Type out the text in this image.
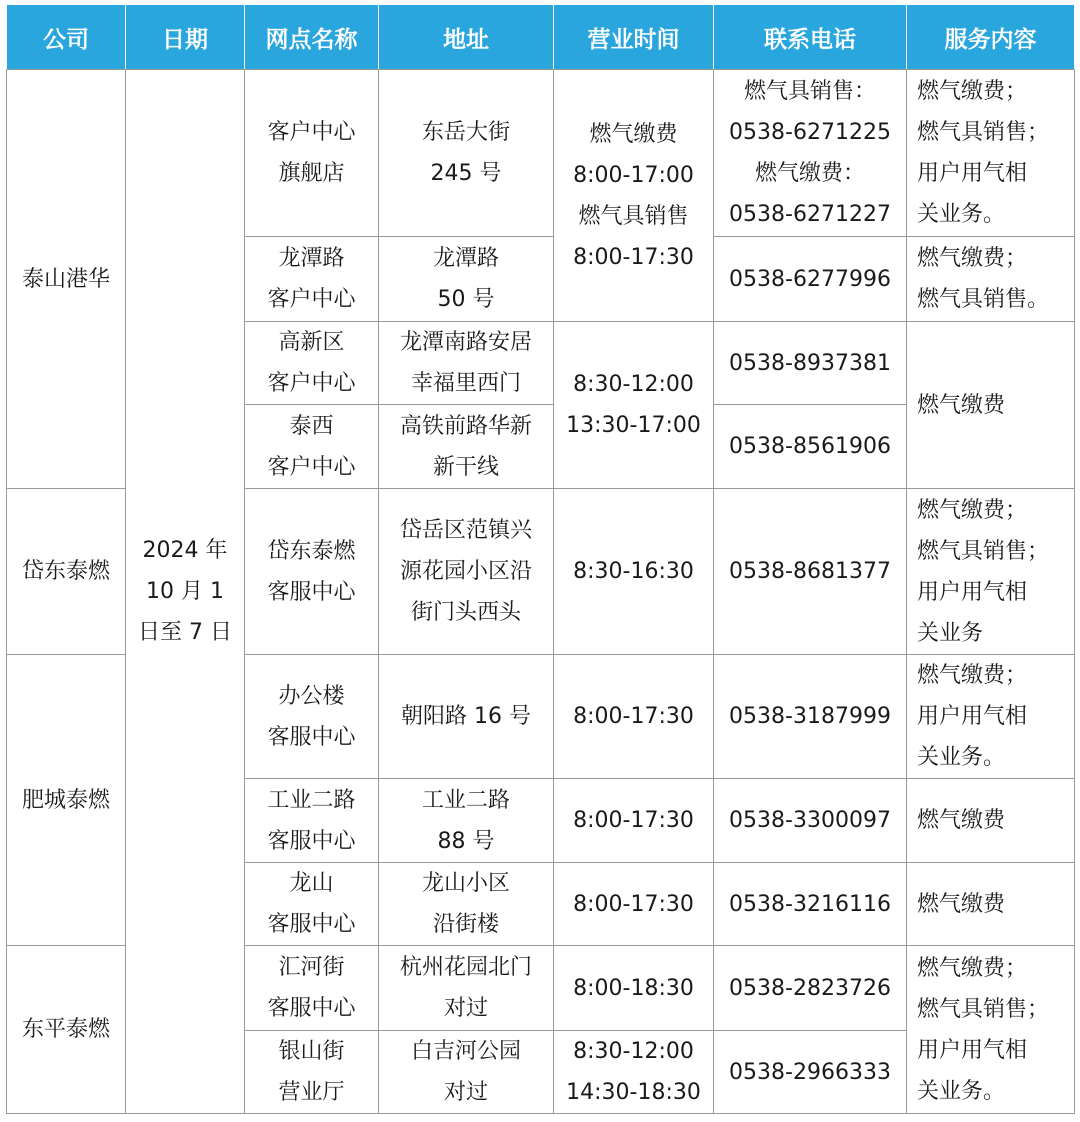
公司	日期	网点名称	地址	营业时间	联系电话	服务内容
泰山港华	2024 年
10 月 1
日至 7 日	客户中心
旗舰店	东岳大街
245 号	燃气缴费
8:00-17:00
燃气具销售
8:00-17:30	燃气具销售：
0538-6271225
燃气缴费：
0538-6271227	燃气缴费；
燃气具销售；
用户用气相
关业务。

		龙潭路
客户中心	龙潭路
50 号		0538-6277996	燃气缴费；
燃气具销售。

		高新区
客户中心	龙潭南路安居
幸福里西门	8:30-12:00
13:30-17:00	0538-8937381	燃气缴费

		泰西
客户中心	高铁前路华新
新干线		0538-8561906	

岱东泰燃		岱东泰燃
客服中心	岱岳区范镇兴
源花园小区沿
街门头西头	8:30-16:30	0538-8681377	燃气缴费；
燃气具销售；
用户用气相
关业务

肥城泰燃		办公楼
客服中心	朝阳路 16 号	8:00-17:30	0538-3187999	燃气缴费；
用户用气相
关业务。

		工业二路
客服中心	工业二路
88 号	8:00-17:30	0538-3300097	燃气缴费

		龙山
客服中心	龙山小区
沿街楼	8:00-17:30	0538-3216116	燃气缴费

东平泰燃		汇河街
客服中心	杭州花园北门
对过	8:00-18:30	0538-2823726	燃气缴费；
燃气具销售；
用户用气相
关业务。

		银山街
营业厅	白吉河公园
对过	8:30-12:00
14:30-18:30	0538-2966333	
